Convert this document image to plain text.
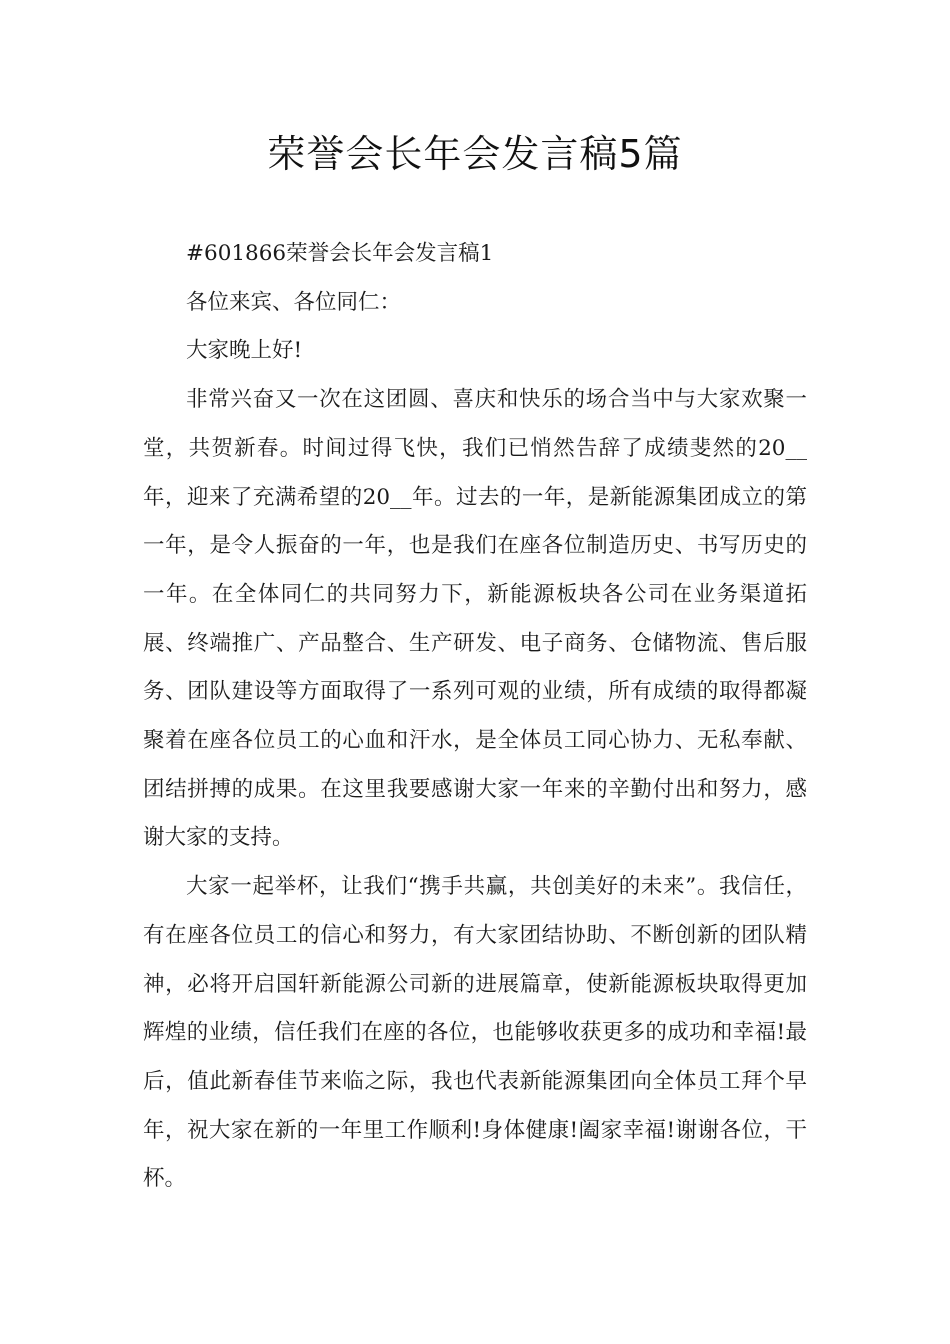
荣誉会长年会发言稿5篇

#601866荣誉会长年会发言稿1

各位来宾、各位同仁：

大家晚上好!

非常兴奋又一次在这团圆、喜庆和快乐的场合当中与大家欢聚一堂，共贺新春。时间过得飞快，我们已悄然告辞了成绩斐然的20__年，迎来了充满希望的20__年。过去的一年，是新能源集团成立的第一年，是令人振奋的一年，也是我们在座各位制造历史、书写历史的一年。在全体同仁的共同努力下，新能源板块各公司在业务渠道拓展、终端推广、产品整合、生产研发、电子商务、仓储物流、售后服务、团队建设等方面取得了一系列可观的业绩，所有成绩的取得都凝聚着在座各位员工的心血和汗水，是全体员工同心协力、无私奉献、团结拼搏的成果。在这里我要感谢大家一年来的辛勤付出和努力，感谢大家的支持。

大家一起举杯，让我们“携手共赢，共创美好的未来”。我信任，有在座各位员工的信心和努力，有大家团结协助、不断创新的团队精神，必将开启国轩新能源公司新的进展篇章，使新能源板块取得更加辉煌的业绩，信任我们在座的各位，也能够收获更多的成功和幸福!最后，值此新春佳节来临之际，我也代表新能源集团向全体员工拜个早年，祝大家在新的一年里工作顺利!身体健康!阖家幸福!谢谢各位，干杯。
